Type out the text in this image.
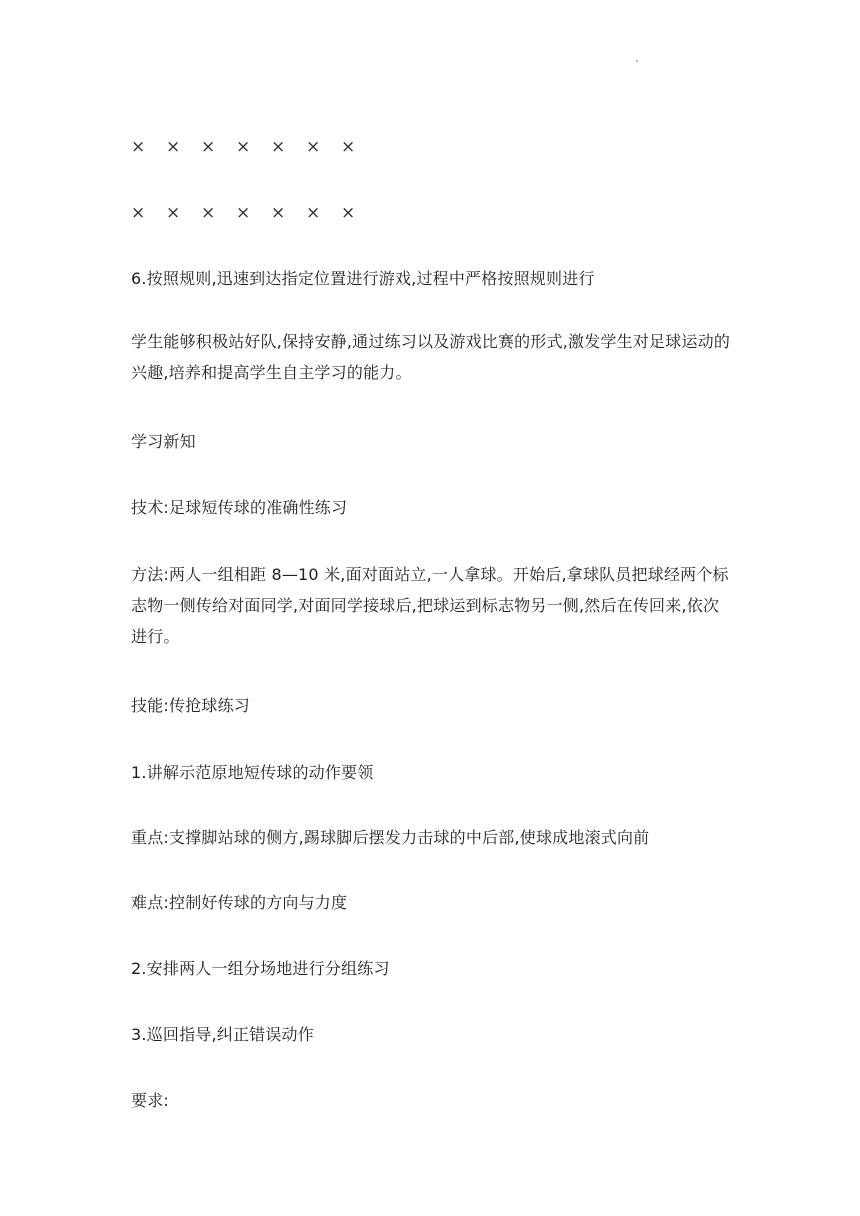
×	×	×	×	×	×	×
×	×	×	×	×	×	×

6.按照规则,迅速到达指定位置进行游戏,过程中严格按照规则进行

学生能够积极站好队,保持安静,通过练习以及游戏比赛的形式,激发学生对足球运动的兴趣,培养和提高学生自主学习的能力。

学习新知

技术:足球短传球的准确性练习

方法:两人一组相距 8—10 米,面对面站立,一人拿球。开始后,拿球队员把球经两个标志物一侧传给对面同学,对面同学接球后,把球运到标志物另一侧,然后在传回来,依次进行。

技能:传抢球练习

1.讲解示范原地短传球的动作要领

重点:支撑脚站球的侧方,踢球脚后摆发力击球的中后部,使球成地滚式向前

难点:控制好传球的方向与力度

2.安排两人一组分场地进行分组练习

3.巡回指导,纠正错误动作

要求:
